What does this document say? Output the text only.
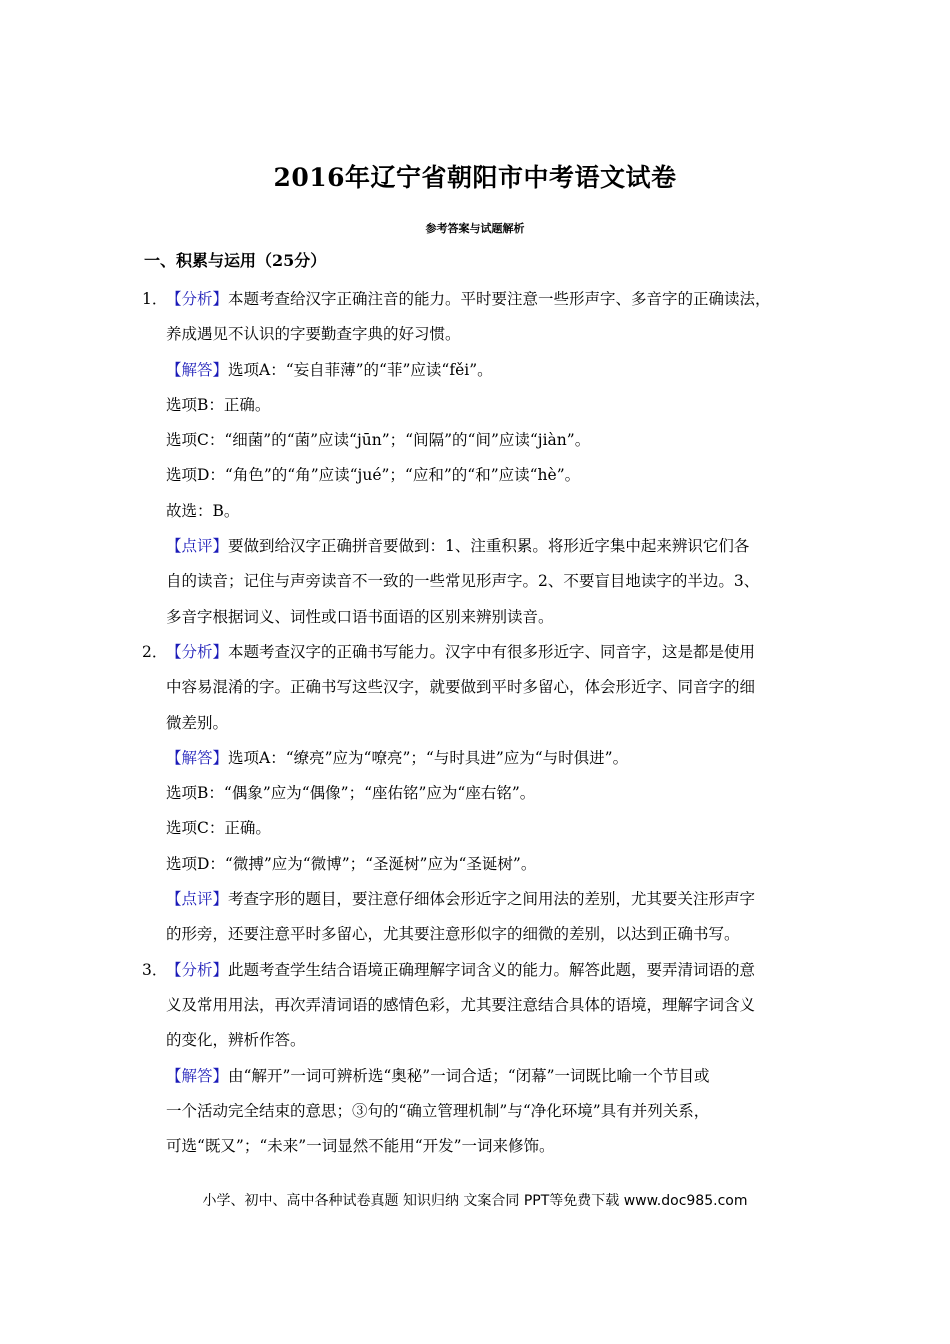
2016年辽宁省朝阳市中考语文试卷
参考答案与试题解析
一、积累与运用（25分）
1．
【分析】本题考查给汉字正确注音的能力。平时要注意一些形声字、多音字的正确读法，
养成遇见不认识的字要勤查字典的好习惯。
【解答】选项A：“妄自菲薄”的“菲”应读“fěi”。
选项B：正确。
选项C：“细菌”的“菌”应读“jūn”；“间隔”的“间”应读“jiàn”。
选项D：“角色”的“角”应读“jué”；“应和”的“和”应读“hè”。
故选：B。
【点评】要做到给汉字正确拼音要做到：1、注重积累。将形近字集中起来辨识它们各
自的读音；记住与声旁读音不一致的一些常见形声字。2、不要盲目地读字的半边。3、
多音字根据词义、词性或口语书面语的区别来辨别读音。
2．
【分析】本题考查汉字的正确书写能力。汉字中有很多形近字、同音字，这是都是使用
中容易混淆的字。正确书写这些汉字，就要做到平时多留心，体会形近字、同音字的细
微差别。
【解答】选项A：“缭亮”应为“嘹亮”；“与时具进”应为“与时俱进”。
选项B：“偶象”应为“偶像”；“座佑铭”应为“座右铭”。
选项C：正确。
选项D：“微搏”应为“微博”；“圣涎树”应为“圣诞树”。
【点评】考查字形的题目，要注意仔细体会形近字之间用法的差别，尤其要关注形声字
的形旁，还要注意平时多留心，尤其要注意形似字的细微的差别，以达到正确书写。
3．
【分析】此题考查学生结合语境正确理解字词含义的能力。解答此题，要弄清词语的意
义及常用用法，再次弄清词语的感情色彩，尤其要注意结合具体的语境，理解字词含义
的变化，辨析作答。
【解答】由“解开”一词可辨析选“奥秘”一词合适；“闭幕”一词既比喻一个节目或
一个活动完全结束的意思；③句的“确立管理机制”与“净化环境”具有并列关系，
可选“既又”；“未来”一词显然不能用“开发”一词来修饰。
小学、初中、高中各种试卷真题 知识归纳 文案合同 PPT等免费下载 www.doc985.com
